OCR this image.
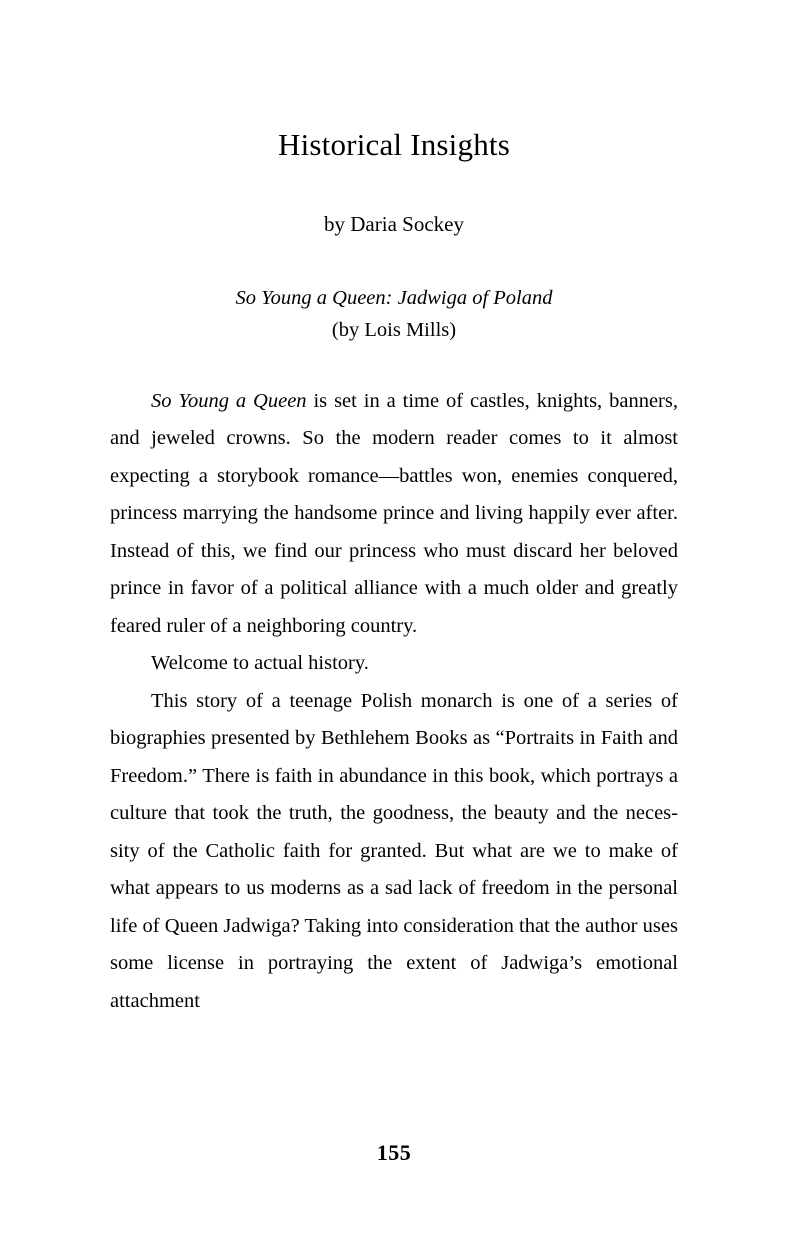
Historical Insights
by Daria Sockey
So Young a Queen: Jadwiga of Poland
(by Lois Mills)

So Young a Queen is set in a time of castles, knights, banners, and jeweled crowns. So the modern reader comes to it almost expecting a storybook romance—battles won, enemies conquered, princess marrying the handsome prince and living happily ever after. Instead of this, we find our princess who must discard her beloved prince in favor of a political alliance with a much older and greatly feared ruler of a neighboring country.

Welcome to actual history.

This story of a teenage Polish monarch is one of a series of biographies presented by Bethlehem Books as “Portraits in Faith and Freedom.” There is faith in abundance in this book, which portrays a culture that took the truth, the goodness, the beauty and the neces-sity of the Catholic faith for granted. But what are we to make of what appears to us moderns as a sad lack of freedom in the personal life of Queen Jadwiga? Taking into consideration that the author uses some license in portraying the extent of Jadwiga’s emotional attachment

155
